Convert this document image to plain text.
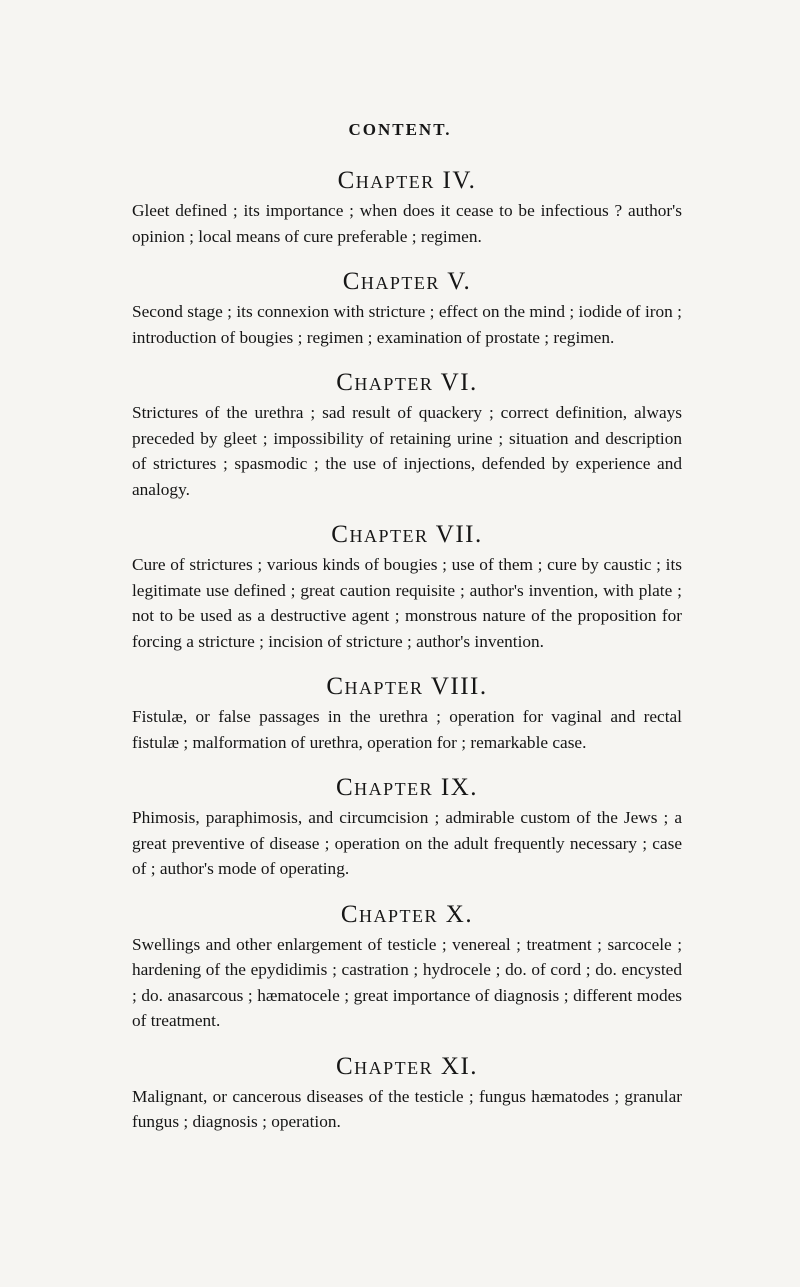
CONTENT.
Chapter IV.
Gleet defined ; its importance ; when does it cease to be infectious ? author's opinion ; local means of cure preferable ; regimen.
Chapter V.
Second stage ; its connexion with stricture ; effect on the mind ; iodide of iron ; introduction of bougies ; regimen ; examination of prostate ; regimen.
Chapter VI.
Strictures of the urethra ; sad result of quackery ; correct definition, always preceded by gleet ; impossibility of retaining urine ; situation and description of strictures ; spasmodic ; the use of injections, defended by experience and analogy.
Chapter VII.
Cure of strictures ; various kinds of bougies ; use of them ; cure by caustic ; its legitimate use defined ; great caution requisite ; author's invention, with plate ; not to be used as a destructive agent ; monstrous nature of the proposition for forcing a stricture ; incision of stricture ; author's invention.
Chapter VIII.
Fistulæ, or false passages in the urethra ; operation for vaginal and rectal fistulæ ; malformation of urethra, operation for ; remarkable case.
Chapter IX.
Phimosis, paraphimosis, and circumcision ; admirable custom of the Jews ; a great preventive of disease ; operation on the adult frequently necessary ; case of ; author's mode of operating.
Chapter X.
Swellings and other enlargement of testicle ; venereal ; treatment ; sarcocele ; hardening of the epydidimis ; castration ; hydrocele ; do. of cord ; do. encysted ; do. anasarcous ; hæmatocele ; great importance of diagnosis ; different modes of treatment.
Chapter XI.
Malignant, or cancerous diseases of the testicle ; fungus hæmatodes ; granular fungus ; diagnosis ; operation.
